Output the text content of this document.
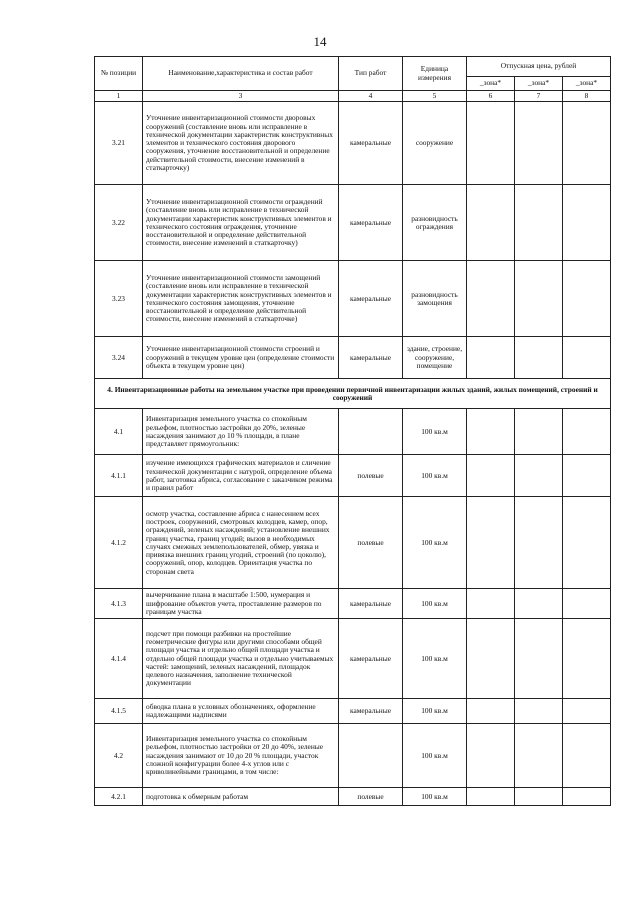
14
№ позиции	Наименование,характеристика и состав работ	Тип работ	Единица измерения	Отпускная цена, рублей		
				_зона*	_зона*	_зона*
1	3	4	5	6	7	8
3.21	Уточнение инвентаризационной стоимости дворовых сооружений (составление вновь или исправление в технической документации характеристик конструктивных элементов и технического состояния дворового сооружения, уточнение восстановительной и определение действительной стоимости, внесение изменений в статкарточку)	камеральные	сооружение			
3.22	Уточнение инвентаризационной стоимости ограждений (составление вновь или исправление в технической документации характеристик конструктивных элементов и технического состояния ограждения, уточнение восстановительной и определение действительной стоимости, внесение изменений в статкарточку)	камеральные	разновидность ограждения			
3.23	Уточнение инвентаризационной стоимости замощений (составление вновь или исправление в технической документации характеристик конструктивных элементов и технического состояния замощения, уточнение восстановительной и определение действительной стоимости, внесение изменений в статкарточке)	камеральные	разновидность замощения			
3.24	Уточнение инвентаризационной стоимости строений и сооружений в текущем уровне цен (определение стоимости объекта в текущем уровне цен)	камеральные	здание, строение, сооружение, помещение			
4. Инвентаризационные работы на земельном участке при проведении первичной инвентаризации жилых зданий, жилых помещений, строений и сооружений						
4.1	Инвентаризация земельного участка со спокойным рельефом, плотностью застройки до 20%, зеленые насаждения занимают до 10 % площади, в плане представляет прямоугольник:		100 кв.м			
4.1.1	изучение имеющихся графических материалов и сличение технической документации с натурой, определение объема работ, заготовка абриса, согласование с заказчиком режима и правил работ	полевые	100 кв.м			
4.1.2	осмотр участка, составление абриса с нанесением всех построек, сооружений, смотровых колодцев, камер, опор, ограждений, зеленых насаждений; установление внешних границ участка, границ угодий; вызов в необходимых случаях смежных землепользователей, обмер, увязка и привязка внешних границ угодий, строений (по цоколю), сооружений, опор, колодцев. Ориентация участка по сторонам света	полевые	100 кв.м			
4.1.3	вычерчивание плана в масштабе 1:500, нумерация и шифрование объектов учета, проставление размеров по границам участка	камеральные	100 кв.м			
4.1.4	подсчет при помощи разбивки на простейшие геометрические фигуры или другими способами общей площади участка и отдельно общей площади участка и отдельно общей площади участка и отдельно учитываемых частей: замощений, зеленых насаждений, площадок целевого назначения, заполнение технической документации	камеральные	100 кв.м			
4.1.5	обводка плана в условных обозначениях, оформление надлежащими надписями	камеральные	100 кв.м			
4.2	Инвентаризация земельного участка со спокойным рельефом, плотностью застройки от 20 до 40%, зеленые насаждения занимают от 10 до 20 % площади, участок сложной конфигурации более 4-х углов или с криволинейными границами, в том числе:		100 кв.м			
4.2.1	подготовка к обмерным работам	полевые	100 кв.м			
